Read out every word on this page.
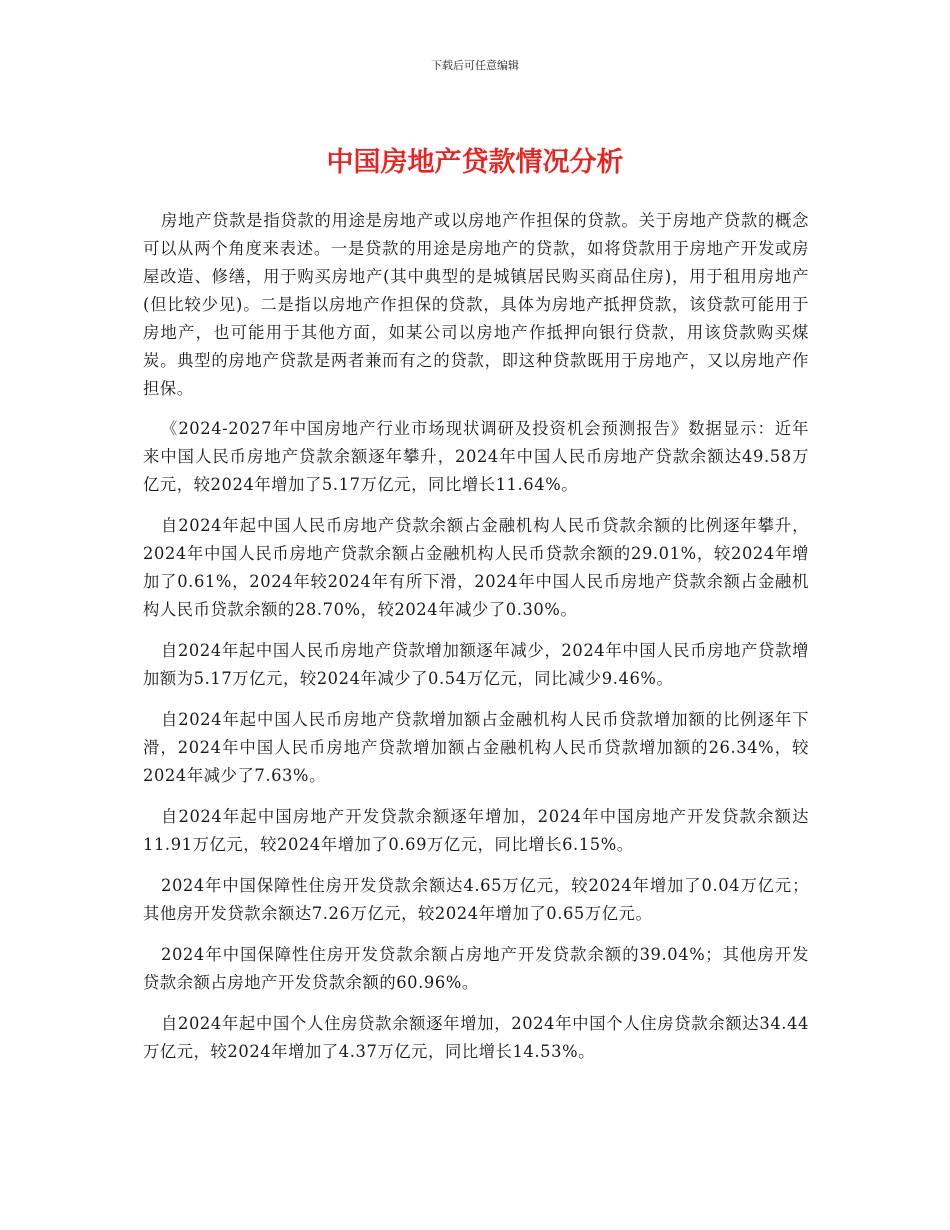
下载后可任意编辑
中国房地产贷款情况分析

房地产贷款是指贷款的用途是房地产或以房地产作担保的贷款。关于房地产贷款的概念可以从两个角度来表述。一是贷款的用途是房地产的贷款，如将贷款用于房地产开发或房屋改造、修缮，用于购买房地产(其中典型的是城镇居民购买商品住房)，用于租用房地产(但比较少见)。二是指以房地产作担保的贷款，具体为房地产抵押贷款，该贷款可能用于房地产，也可能用于其他方面，如某公司以房地产作抵押向银行贷款，用该贷款购买煤炭。典型的房地产贷款是两者兼而有之的贷款，即这种贷款既用于房地产，又以房地产作担保。

《2024-2027年中国房地产行业市场现状调研及投资机会预测报告》数据显示：近年来中国人民币房地产贷款余额逐年攀升，2024年中国人民币房地产贷款余额达49.58万亿元，较2024年增加了5.17万亿元，同比增长11.64%。

自2024年起中国人民币房地产贷款余额占金融机构人民币贷款余额的比例逐年攀升，2024年中国人民币房地产贷款余额占金融机构人民币贷款余额的29.01%，较2024年增加了0.61%，2024年较2024年有所下滑，2024年中国人民币房地产贷款余额占金融机构人民币贷款余额的28.70%，较2024年减少了0.30%。

自2024年起中国人民币房地产贷款增加额逐年减少，2024年中国人民币房地产贷款增加额为5.17万亿元，较2024年减少了0.54万亿元，同比减少9.46%。

自2024年起中国人民币房地产贷款增加额占金融机构人民币贷款增加额的比例逐年下滑，2024年中国人民币房地产贷款增加额占金融机构人民币贷款增加额的26.34%，较2024年减少了7.63%。

自2024年起中国房地产开发贷款余额逐年增加，2024年中国房地产开发贷款余额达11.91万亿元，较2024年增加了0.69万亿元，同比增长6.15%。

2024年中国保障性住房开发贷款余额达4.65万亿元，较2024年增加了0.04万亿元；其他房开发贷款余额达7.26万亿元，较2024年增加了0.65万亿元。

2024年中国保障性住房开发贷款余额占房地产开发贷款余额的39.04%；其他房开发贷款余额占房地产开发贷款余额的60.96%。

自2024年起中国个人住房贷款余额逐年增加，2024年中国个人住房贷款余额达34.44万亿元，较2024年增加了4.37万亿元，同比增长14.53%。
